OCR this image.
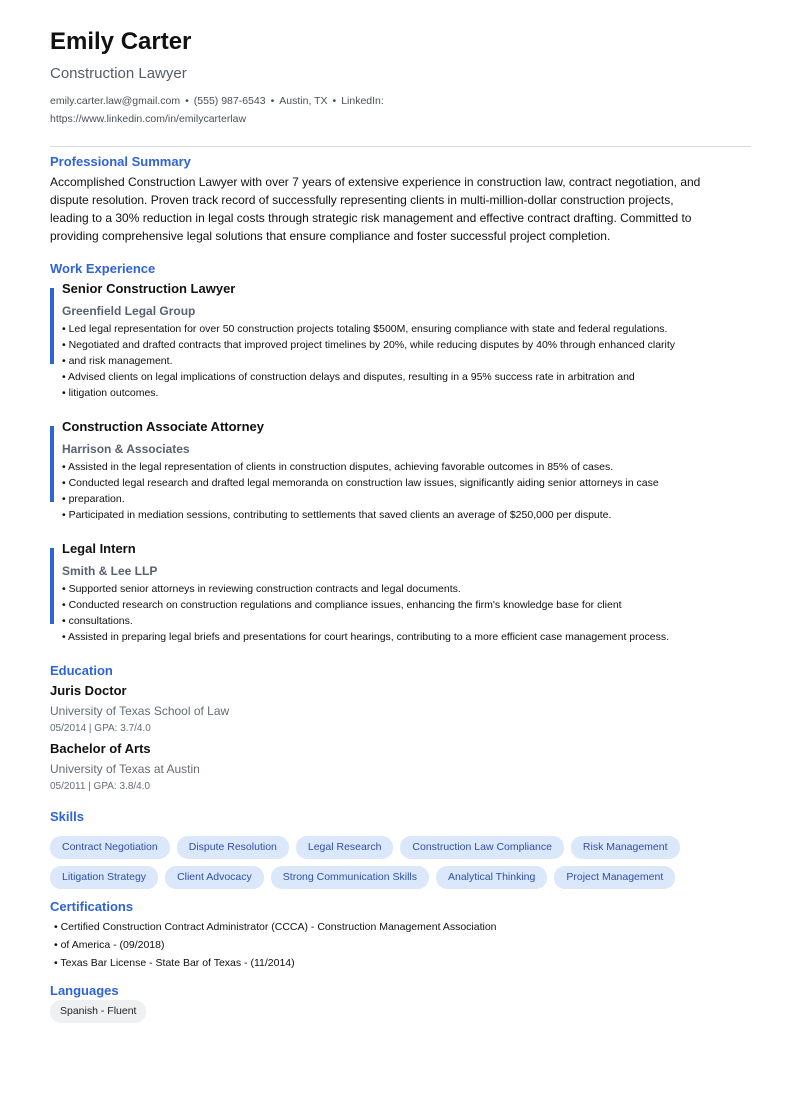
Emily Carter
Construction Lawyer
emily.carter.law@gmail.com • (555) 987-6543 • Austin, TX • LinkedIn:
https://www.linkedin.com/in/emilycarterlaw
Professional Summary
Accomplished Construction Lawyer with over 7 years of extensive experience in construction law, contract negotiation, and
dispute resolution. Proven track record of successfully representing clients in multi-million-dollar construction projects,
leading to a 30% reduction in legal costs through strategic risk management and effective contract drafting. Committed to
providing comprehensive legal solutions that ensure compliance and foster successful project completion.
Work Experience
Senior Construction Lawyer
Greenfield Legal Group
• Led legal representation for over 50 construction projects totaling $500M, ensuring compliance with state and federal regulations.
• Negotiated and drafted contracts that improved project timelines by 20%, while reducing disputes by 40% through enhanced clarity
• and risk management.
• Advised clients on legal implications of construction delays and disputes, resulting in a 95% success rate in arbitration and
• litigation outcomes.
Construction Associate Attorney
Harrison & Associates
• Assisted in the legal representation of clients in construction disputes, achieving favorable outcomes in 85% of cases.
• Conducted legal research and drafted legal memoranda on construction law issues, significantly aiding senior attorneys in case
• preparation.
• Participated in mediation sessions, contributing to settlements that saved clients an average of $250,000 per dispute.
Legal Intern
Smith & Lee LLP
• Supported senior attorneys in reviewing construction contracts and legal documents.
• Conducted research on construction regulations and compliance issues, enhancing the firm's knowledge base for client
• consultations.
• Assisted in preparing legal briefs and presentations for court hearings, contributing to a more efficient case management process.
Education
Juris Doctor
University of Texas School of Law
05/2014 | GPA: 3.7/4.0
Bachelor of Arts
University of Texas at Austin
05/2011 | GPA: 3.8/4.0
Skills
Contract Negotiation	Dispute Resolution	Legal Research	Construction Law Compliance	Risk Management
Litigation Strategy	Client Advocacy	Strong Communication Skills	Analytical Thinking	Project Management
Certifications
• Certified Construction Contract Administrator (CCCA) - Construction Management Association
• of America - (09/2018)
• Texas Bar License - State Bar of Texas - (11/2014)
Languages
Spanish - Fluent
